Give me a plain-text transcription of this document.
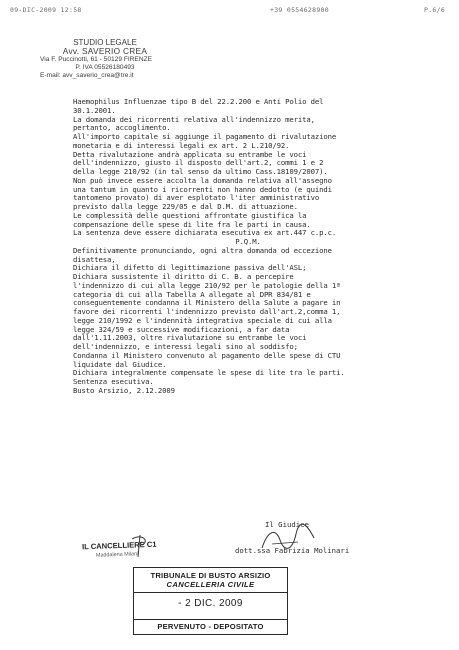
09-DIC-2009 12:58	+39 0554628900	P.6/6
STUDIO LEGALE
Avv. SAVERIO CREA
Via F. Puccinotti, 61 - 50129 FIRENZE
P. IVA 05526180493
E-mail: avv_saverio_crea@tre.it
Haemophilus Influenzae tipo B del 22.2.200 e Anti Polio del
30.1.2001.
La domanda dei ricorrenti relativa all'indennizzo merita,
pertanto, accoglimento.
All'importo capitale si aggiunge il pagamento di rivalutazione
monetaria e di interessi legali ex art. 2 L.210/92.
Detta rivalutazione andrà applicata su entrambe le voci
dell'indennizzo, giusto il disposto dell'art.2, commi 1 e 2
della legge 210/92 (in tal senso da ultimo Cass.18109/2007).
Non può invece essere accolta la domanda relativa all'assegno
una tantum in quanto i ricorrenti non hanno dedotto (e quindi
tantomeno provato) di aver esplotato l'iter amministrativo
previsto dalla legge 229/05 e dal D.M. di attuazione.
Le complessità delle questioni affrontate giustifica la
compensazione delle spese di lite fra le parti in causa.
La sentenza deve essere dichiarata esecutiva ex art.447 c.p.c.
P.Q.M.
Definitivamente pronunciando, ogni altra domanda od eccezione
disattesa,
Dichiara il difetto di legittimazione passiva dell'ASL;
Dichiara sussistente il diritto di C. B. a percepire
l'indennizzo di cui alla legge 210/92 per le patologie della 1ª
categoria di cui alla Tabella A allegate al DPR 834/81 e
conseguentemente condanna il Ministero della Salute a pagare in
favore dei ricorrenti l'indennizzo previsto dall'art.2,comma 1,
legge 210/1992 e l'indennità integrativa speciale di cui alla
legge 324/59 e successive modificazioni, a far data
dall'1.11.2003, oltre rivalutazione su entrambe le voci
dell'indennizzo, e interessi legali sino al soddisfo;
Condanna il Ministero convenuto al pagamento delle spese di CTU
liquidate dal Giudice.
Dichiara integralmente compensate le spese di lite tra le parti.
Sentenza esecutiva.
Busto Arsizio, 2.12.2009
Il Giudice
dott.ssa Fabrizia Molinari
IL CANCELLIERE C1
Maddalena Milani
TRIBUNALE DI BUSTO ARSIZIO
CANCELLERIA CIVILE
- 2 DIC. 2009
PERVENUTO - DEPOSITATO
